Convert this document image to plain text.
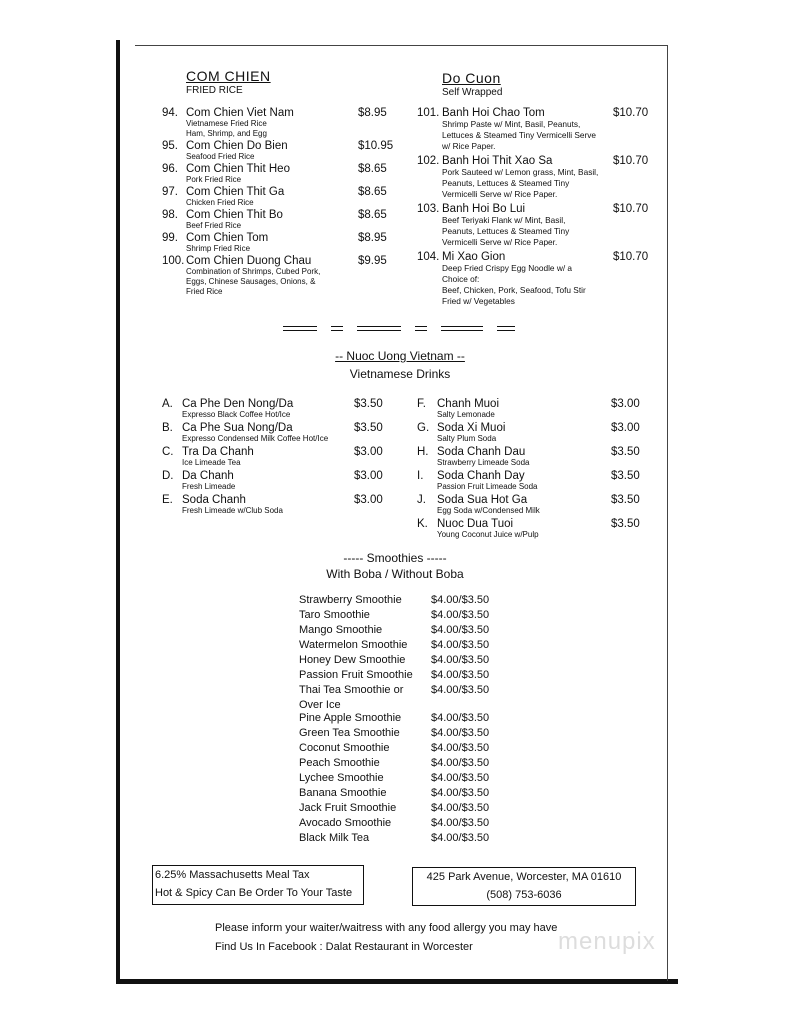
COM CHIEN
FRIED RICE
94. Com Chien Viet Nam	$8.95
Vietnamese Fried Rice
Ham, Shrimp, and Egg
95. Com Chien Do Bien	$10.95
Seafood Fried Rice
96. Com Chien Thit Heo	$8.65
Pork Fried Rice
97. Com Chien Thit Ga	$8.65
Chicken Fried Rice
98. Com Chien Thit Bo	$8.65
Beef Fried Rice
99. Com Chien Tom	$8.95
Shrimp Fried Rice
100. Com Chien Duong Chau	$9.95
Combination of Shrimps, Cubed Pork,
Eggs, Chinese Sausages, Onions, &
Fried Rice
Do Cuon
Self Wrapped
101. Banh Hoi Chao Tom	$10.70
Shrimp Paste w/ Mint, Basil, Peanuts,
Lettuces & Steamed Tiny Vermicelli Serve
w/ Rice Paper.
102. Banh Hoi Thit Xao Sa	$10.70
Pork Sauteed w/ Lemon grass, Mint, Basil,
Peanuts, Lettuces & Steamed Tiny
Vermicelli Serve w/ Rice Paper.
103. Banh Hoi Bo Lui	$10.70
Beef Teriyaki Flank w/ Mint, Basil,
Peanuts, Lettuces & Steamed Tiny
Vermicelli Serve w/ Rice Paper.
104. Mi Xao Gion	$10.70
Deep Fried Crispy Egg Noodle w/ a
Choice of:
Beef, Chicken, Pork, Seafood, Tofu Stir
Fried w/ Vegetables
-- Nuoc Uong Vietnam --
Vietnamese Drinks
A. Ca Phe Den Nong/Da	$3.50
Expresso Black Coffee Hot/Ice
B. Ca Phe Sua Nong/Da	$3.50
Expresso Condensed Milk Coffee Hot/Ice
C. Tra Da Chanh	$3.00
Ice Limeade Tea
D. Da Chanh	$3.00
Fresh Limeade
E. Soda Chanh	$3.00
Fresh Limeade w/Club Soda
F. Chanh Muoi	$3.00
Salty Lemonade
G. Soda Xi Muoi	$3.00
Salty Plum Soda
H. Soda Chanh Dau	$3.50
Strawberry Limeade Soda
I. Soda Chanh Day	$3.50
Passion Fruit Limeade Soda
J. Soda Sua Hot Ga	$3.50
Egg Soda w/Condensed Milk
K. Nuoc Dua Tuoi	$3.50
Young Coconut Juice w/Pulp
----- Smoothies -----
With Boba / Without Boba
Strawberry Smoothie	$4.00/$3.50
Taro Smoothie	$4.00/$3.50
Mango Smoothie	$4.00/$3.50
Watermelon Smoothie $4.00/$3.50
Honey Dew Smoothie $4.00/$3.50
Passion Fruit Smoothie $4.00/$3.50
Thai Tea Smoothie or Over Ice
$4.00/$3.50
Pine Apple Smoothie	$4.00/$3.50
Green Tea Smoothie	$4.00/$3.50
Coconut Smoothie	$4.00/$3.50
Peach Smoothie	$4.00/$3.50
Lychee Smoothie	$4.00/$3.50
Banana Smoothie	$4.00/$3.50
Jack Fruit Smoothie	$4.00/$3.50
Avocado Smoothie	$4.00/$3.50
Black Milk Tea	$4.00/$3.50
6.25% Massachusetts Meal Tax
Hot & Spicy Can Be Order To Your Taste
425 Park Avenue, Worcester, MA 01610
(508) 753-6036
Please inform your waiter/waitress with any food allergy you may have
Find Us In Facebook : Dalat Restaurant in Worcester	menupix
